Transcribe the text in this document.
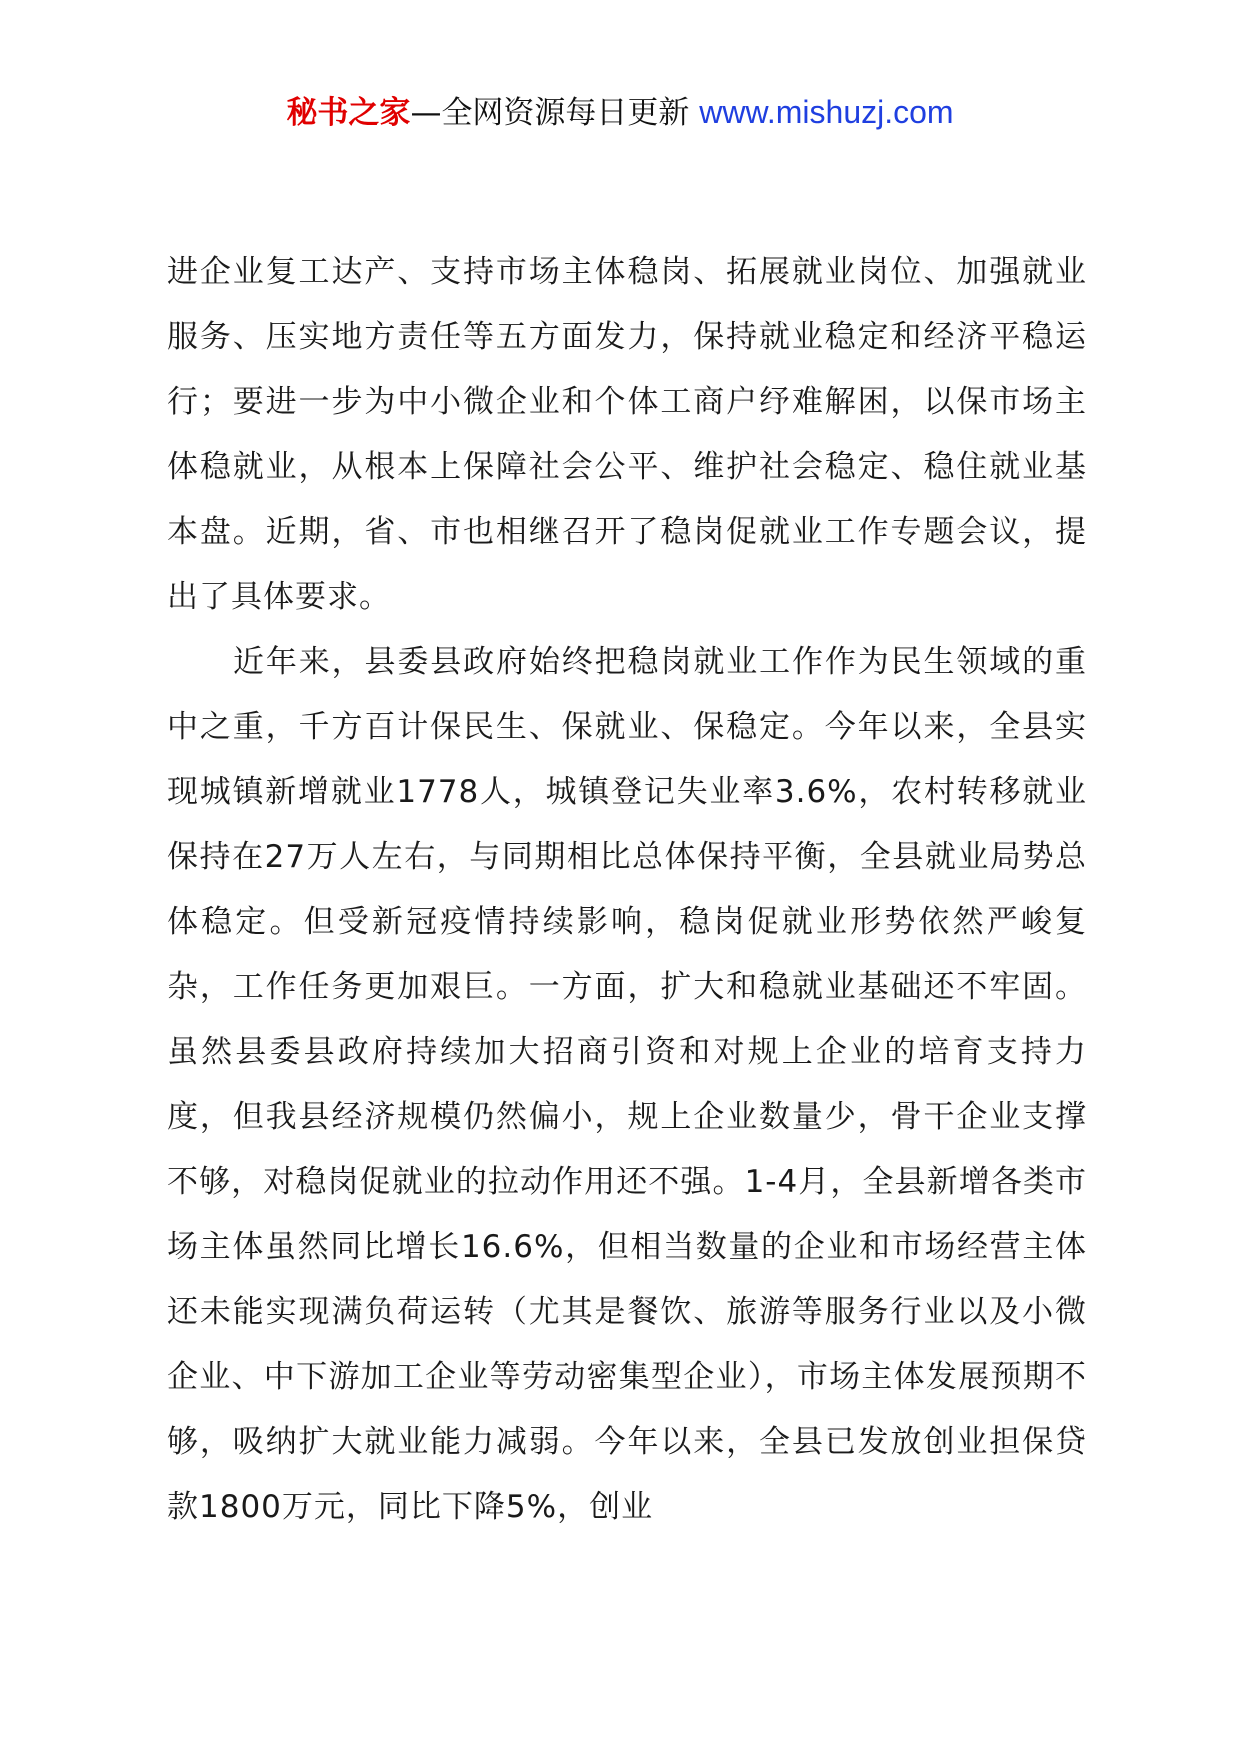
秘书之家—全网资源每日更新 www.mishuzj.com

进企业复工达产、支持市场主体稳岗、拓展就业岗位、加强就业服务、压实地方责任等五方面发力，保持就业稳定和经济平稳运行；要进一步为中小微企业和个体工商户纾难解困，以保市场主体稳就业，从根本上保障社会公平、维护社会稳定、稳住就业基本盘。近期，省、市也相继召开了稳岗促就业工作专题会议，提出了具体要求。

近年来，县委县政府始终把稳岗就业工作作为民生领域的重中之重，千方百计保民生、保就业、保稳定。今年以来，全县实现城镇新增就业1778人，城镇登记失业率3.6%，农村转移就业保持在27万人左右，与同期相比总体保持平衡，全县就业局势总体稳定。但受新冠疫情持续影响，稳岗促就业形势依然严峻复杂，工作任务更加艰巨。一方面，扩大和稳就业基础还不牢固。虽然县委县政府持续加大招商引资和对规上企业的培育支持力度，但我县经济规模仍然偏小，规上企业数量少，骨干企业支撑不够，对稳岗促就业的拉动作用还不强。1-4月，全县新增各类市场主体虽然同比增长16.6%，但相当数量的企业和市场经营主体还未能实现满负荷运转（尤其是餐饮、旅游等服务行业以及小微企业、中下游加工企业等劳动密集型企业），市场主体发展预期不够，吸纳扩大就业能力减弱。今年以来，全县已发放创业担保贷款1800万元，同比下降5%，创业
